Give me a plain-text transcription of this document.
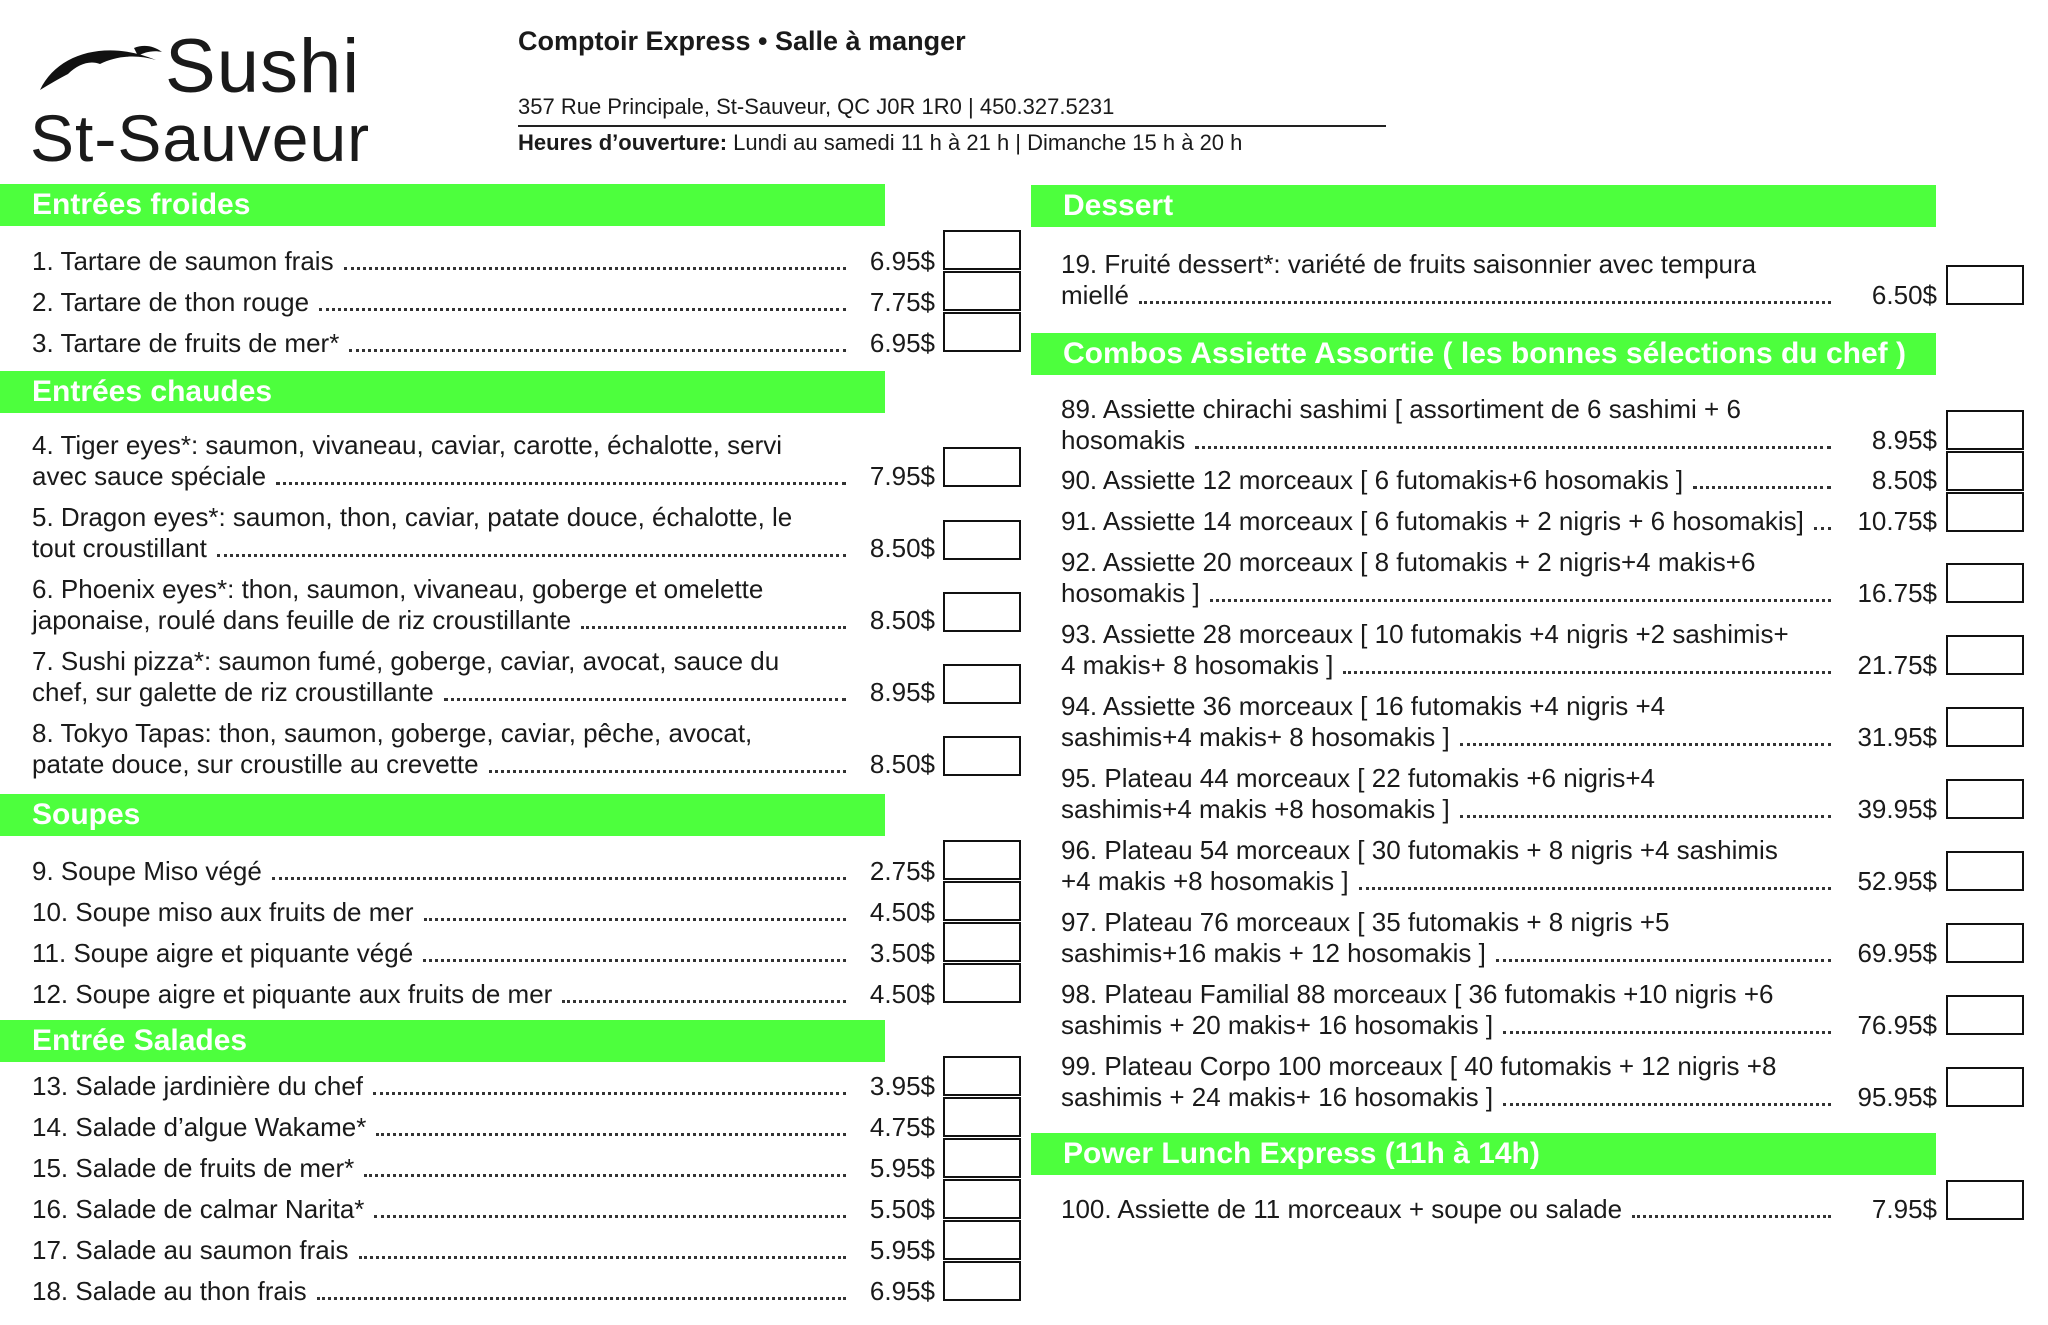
Sushi
St-Sauveur
Comptoir Express • Salle à manger
357 Rue Principale, St-Sauveur, QC J0R 1R0 | 450.327.5231
Heures d’ouverture: Lundi au samedi 11 h à 21 h | Dimanche 15 h à 20 h
Entrées froides
1. Tartare de saumon frais	6.95$
2. Tartare de thon rouge	7.75$
3. Tartare de fruits de mer*	6.95$
Entrées chaudes
4. Tiger eyes*: saumon, vivaneau, caviar, carotte, échalotte, servi
avec sauce spéciale	7.95$
5. Dragon eyes*: saumon, thon, caviar, patate douce, échalotte, le
tout croustillant	8.50$
6. Phoenix eyes*: thon, saumon, vivaneau, goberge et omelette
japonaise, roulé dans feuille de riz croustillante	8.50$
7. Sushi pizza*: saumon fumé, goberge, caviar, avocat, sauce du
chef, sur galette de riz croustillante	8.95$
8. Tokyo Tapas: thon, saumon, goberge, caviar, pêche, avocat,
patate douce, sur croustille au crevette	8.50$
Soupes
9. Soupe Miso végé	2.75$
10. Soupe miso aux fruits de mer	4.50$
11. Soupe aigre et piquante végé	3.50$
12. Soupe aigre et piquante aux fruits de mer	4.50$
Entrée Salades
13. Salade jardinière du chef	3.95$
14. Salade d’algue Wakame*	4.75$
15. Salade de fruits de mer*	5.95$
16. Salade de calmar Narita*	5.50$
17. Salade au saumon frais	5.95$
18. Salade au thon frais	6.95$
Dessert
19. Fruité dessert*: variété de fruits saisonnier avec tempura
miellé	6.50$
Combos Assiette Assortie ( les bonnes sélections du chef )
89. Assiette chirachi sashimi [ assortiment de 6 sashimi + 6
hosomakis	8.95$
90. Assiette 12 morceaux [ 6 futomakis+6 hosomakis ]	8.50$
91. Assiette 14 morceaux [ 6 futomakis + 2 nigris + 6 hosomakis]	10.75$
92. Assiette 20 morceaux [ 8 futomakis + 2 nigris+4 makis+6
hosomakis ]	16.75$
93. Assiette 28 morceaux [ 10 futomakis +4 nigris +2 sashimis+
4 makis+ 8 hosomakis ]	21.75$
94. Assiette 36 morceaux [ 16 futomakis +4 nigris +4
sashimis+4 makis+ 8 hosomakis ]	31.95$
95. Plateau 44 morceaux [ 22 futomakis +6 nigris+4
sashimis+4 makis +8 hosomakis ]	39.95$
96. Plateau 54 morceaux [ 30 futomakis + 8 nigris +4 sashimis
+4 makis +8 hosomakis ]	52.95$
97. Plateau 76 morceaux [ 35 futomakis + 8 nigris +5
sashimis+16 makis + 12 hosomakis ]	69.95$
98. Plateau Familial 88 morceaux [ 36 futomakis +10 nigris +6
sashimis + 20 makis+ 16 hosomakis ]	76.95$
99. Plateau Corpo 100 morceaux [ 40 futomakis + 12 nigris +8
sashimis + 24 makis+ 16 hosomakis ]	95.95$
Power Lunch Express (11h à 14h)
100. Assiette de 11 morceaux + soupe ou salade	7.95$
